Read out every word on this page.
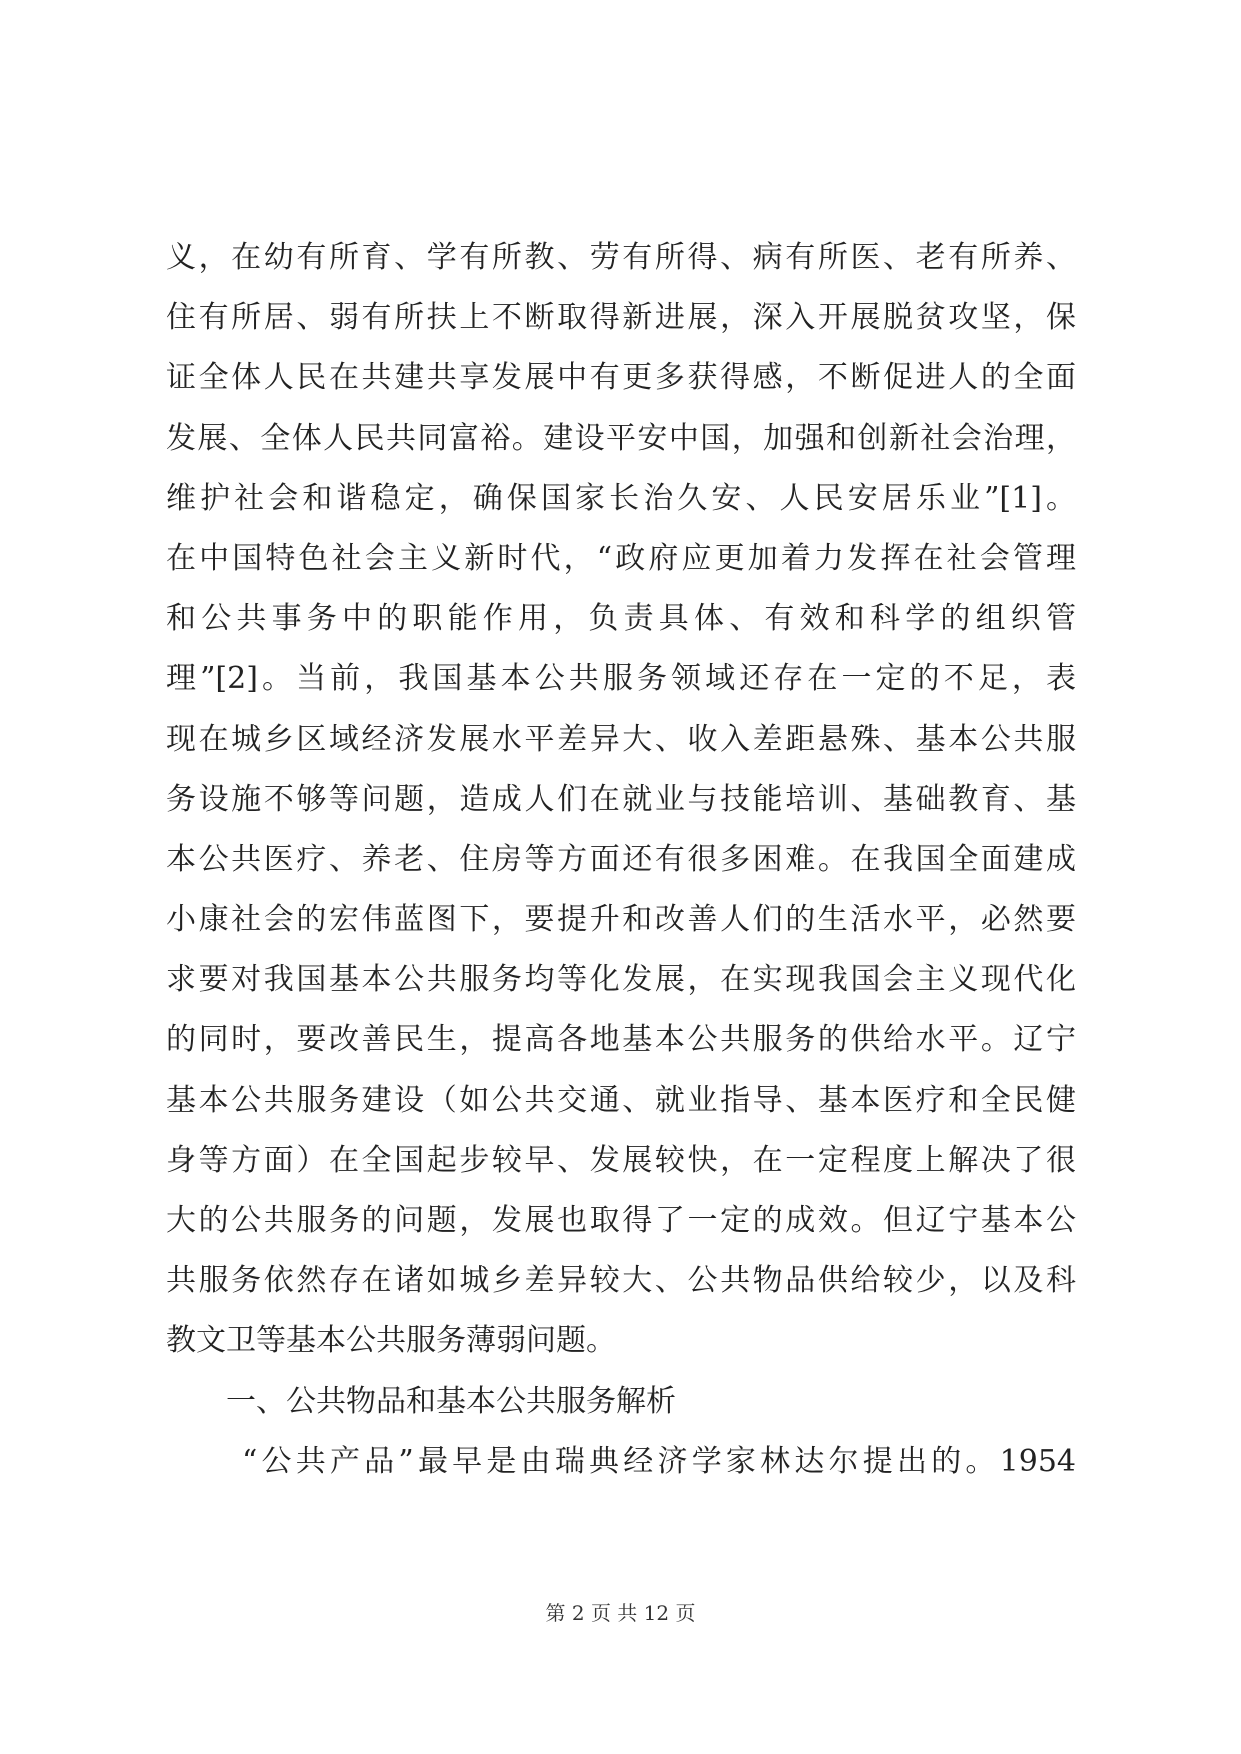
义，在幼有所育、学有所教、劳有所得、病有所医、老有所养、
住有所居、弱有所扶上不断取得新进展，深入开展脱贫攻坚，保
证全体人民在共建共享发展中有更多获得感，不断促进人的全面
发展、全体人民共同富裕。建设平安中国，加强和创新社会治理，
维护社会和谐稳定，确保国家长治久安、人民安居乐业”[1]。
在中国特色社会主义新时代，“政府应更加着力发挥在社会管理
和公共事务中的职能作用，负责具体、有效和科学的组织管
理”[2]。当前，我国基本公共服务领域还存在一定的不足，表
现在城乡区域经济发展水平差异大、收入差距悬殊、基本公共服
务设施不够等问题，造成人们在就业与技能培训、基础教育、基
本公共医疗、养老、住房等方面还有很多困难。在我国全面建成
小康社会的宏伟蓝图下，要提升和改善人们的生活水平，必然要
求要对我国基本公共服务均等化发展，在实现我国会主义现代化
的同时，要改善民生，提高各地基本公共服务的供给水平。辽宁
基本公共服务建设（如公共交通、就业指导、基本医疗和全民健
身等方面）在全国起步较早、发展较快，在一定程度上解决了很
大的公共服务的问题，发展也取得了一定的成效。但辽宁基本公
共服务依然存在诸如城乡差异较大、公共物品供给较少，以及科
教文卫等基本公共服务薄弱问题。
一、公共物品和基本公共服务解析
“公共产品”最早是由瑞典经济学家林达尔提出的。1954
第 2 页 共 12 页
